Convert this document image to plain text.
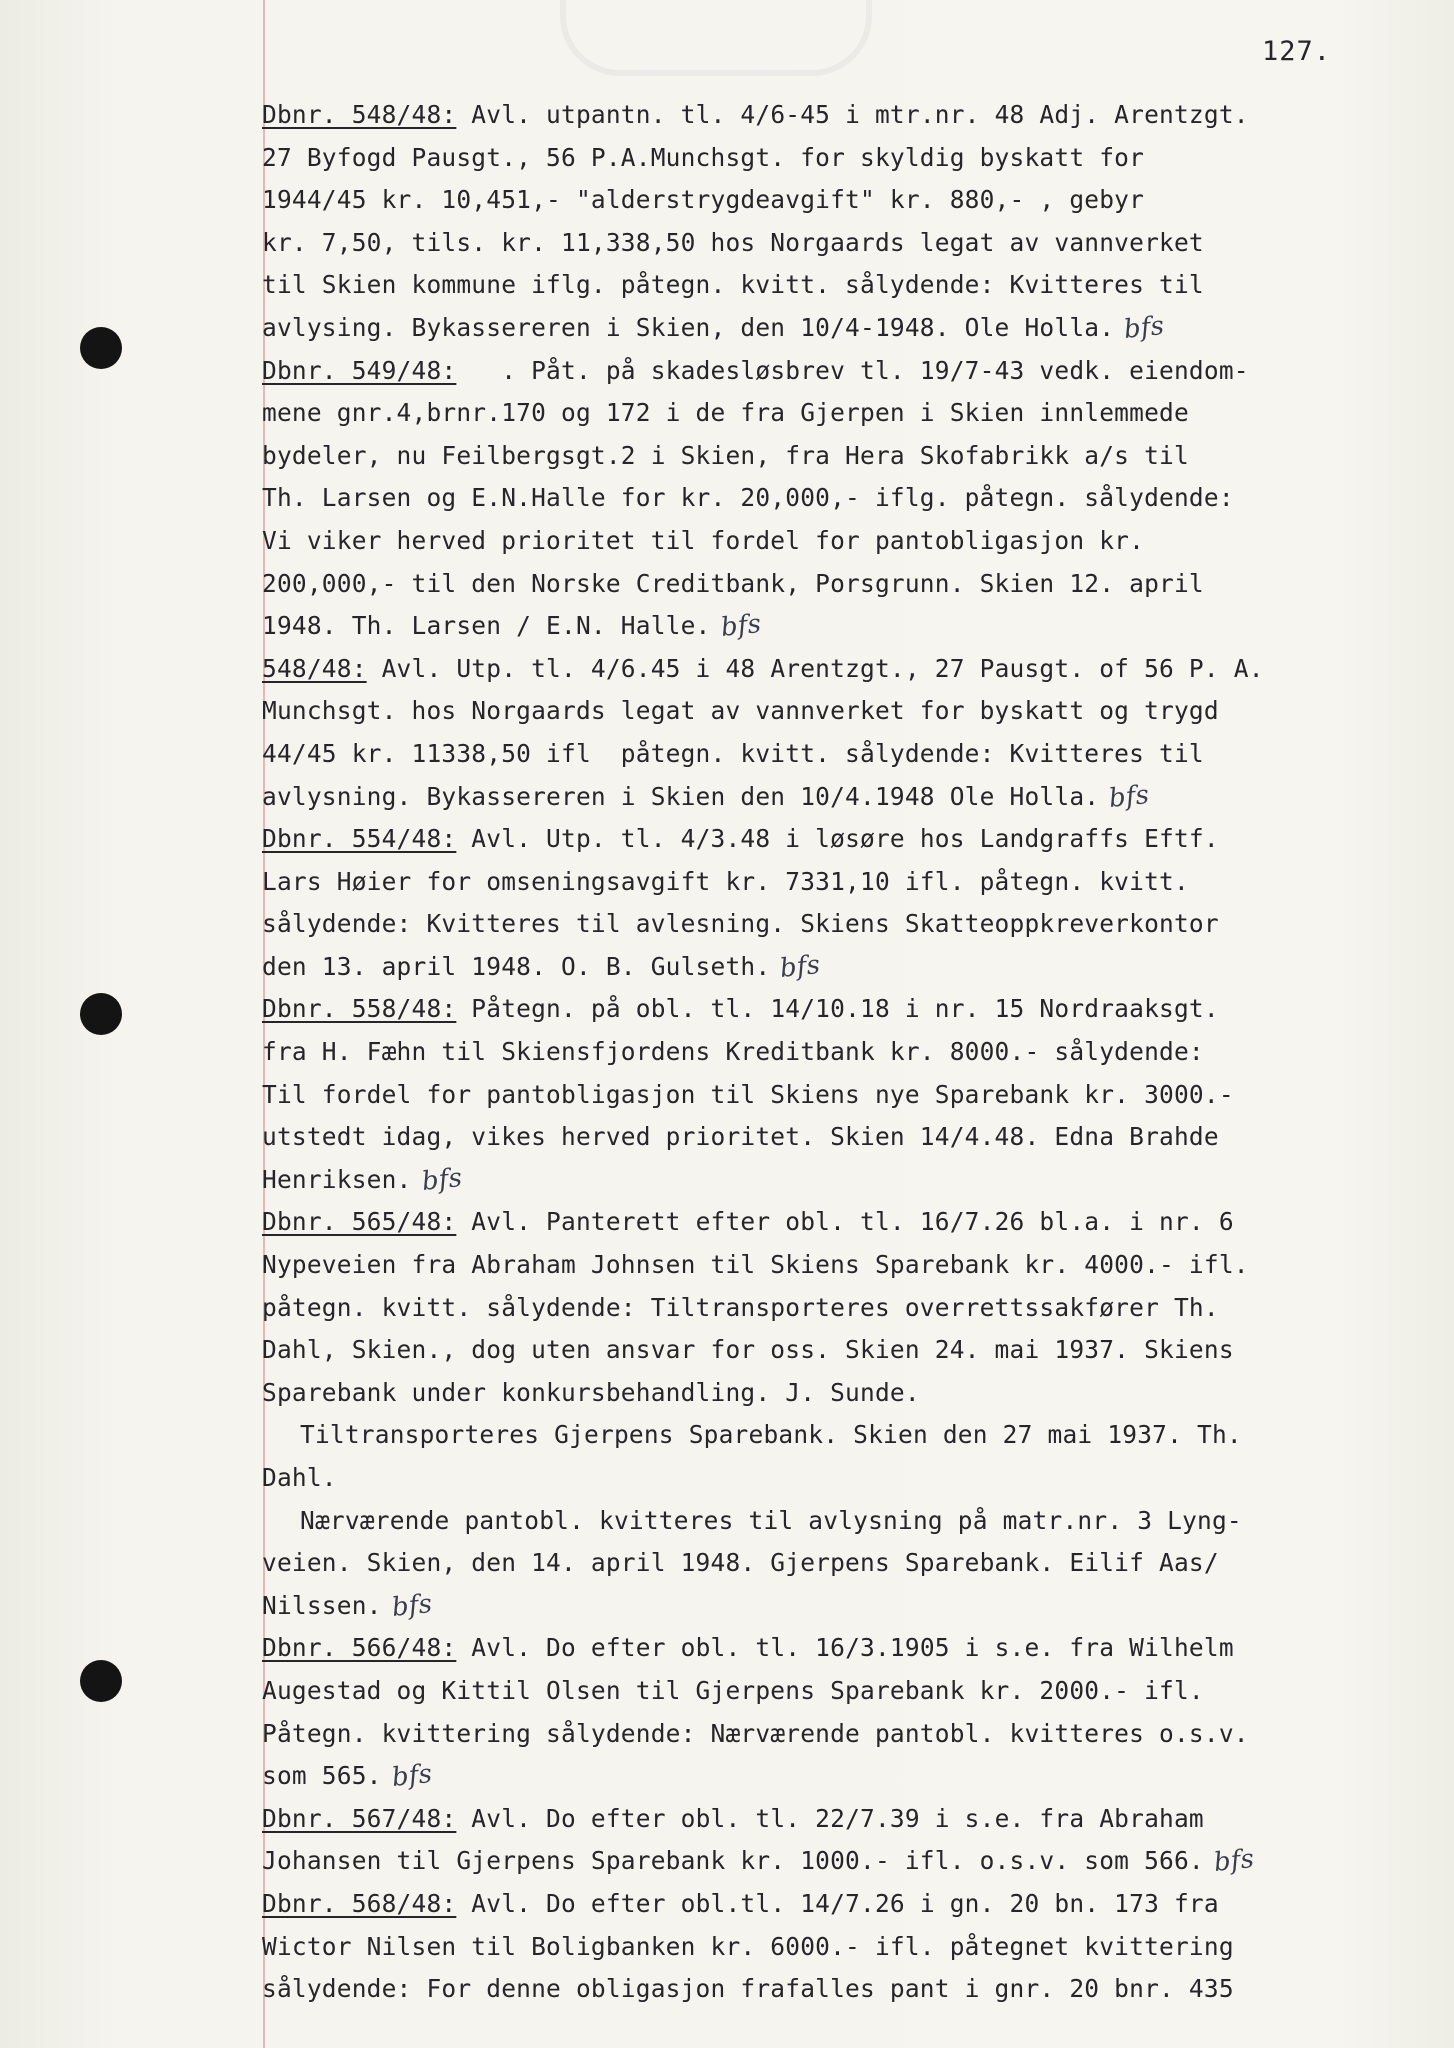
127.
Dbnr. 548/48: Avl. utpantn. tl. 4/6-45 i mtr.nr. 48 Adj. Arentzgt.
27 Byfogd Pausgt., 56 P.A.Munchsgt. for skyldig byskatt for
1944/45 kr. 10,451,- "alderstrygdeavgift" kr. 880,- , gebyr
kr. 7,50, tils. kr. 11,338,50 hos Norgaards legat av vannverket
til Skien kommune iflg. påtegn. kvitt. sålydende: Kvitteres til
avlysing. Bykassereren i Skien, den 10/4-1948. Ole Holla. bfs
Dbnr. 549/48:   . Påt. på skadesløsbrev tl. 19/7-43 vedk. eiendom-
mene gnr.4,brnr.170 og 172 i de fra Gjerpen i Skien innlemmede
bydeler, nu Feilbergsgt.2 i Skien, fra Hera Skofabrikk a/s til
Th. Larsen og E.N.Halle for kr. 20,000,- iflg. påtegn. sålydende:
Vi viker herved prioritet til fordel for pantobligasjon kr.
200,000,- til den Norske Creditbank, Porsgrunn. Skien 12. april
1948. Th. Larsen / E.N. Halle. bfs
548/48: Avl. Utp. tl. 4/6.45 i 48 Arentzgt., 27 Pausgt. of 56 P. A.
Munchsgt. hos Norgaards legat av vannverket for byskatt og trygd
44/45 kr. 11338,50 ifl  påtegn. kvitt. sålydende: Kvitteres til
avlysning. Bykassereren i Skien den 10/4.1948 Ole Holla. bfs
Dbnr. 554/48: Avl. Utp. tl. 4/3.48 i løsøre hos Landgraffs Eftf.
Lars Høier for omseningsavgift kr. 7331,10 ifl. påtegn. kvitt.
sålydende: Kvitteres til avlesning. Skiens Skatteoppkreverkontor
den 13. april 1948. O. B. Gulseth. bfs
Dbnr. 558/48: Påtegn. på obl. tl. 14/10.18 i nr. 15 Nordraaksgt.
fra H. Fæhn til Skiensfjordens Kreditbank kr. 8000.- sålydende:
Til fordel for pantobligasjon til Skiens nye Sparebank kr. 3000.-
utstedt idag, vikes herved prioritet. Skien 14/4.48. Edna Brahde
Henriksen. bfs
Dbnr. 565/48: Avl. Panterett efter obl. tl. 16/7.26 bl.a. i nr. 6
Nypeveien fra Abraham Johnsen til Skiens Sparebank kr. 4000.- ifl.
påtegn. kvitt. sålydende: Tiltransporteres overrettssakfører Th.
Dahl, Skien., dog uten ansvar for oss. Skien 24. mai 1937. Skiens
Sparebank under konkursbehandling. J. Sunde.
Tiltransporteres Gjerpens Sparebank. Skien den 27 mai 1937. Th.
Dahl.
Nærværende pantobl. kvitteres til avlysning på matr.nr. 3 Lyng-
veien. Skien, den 14. april 1948. Gjerpens Sparebank. Eilif Aas/
Nilssen. bfs
Dbnr. 566/48: Avl. Do efter obl. tl. 16/3.1905 i s.e. fra Wilhelm
Augestad og Kittil Olsen til Gjerpens Sparebank kr. 2000.- ifl.
Påtegn. kvittering sålydende: Nærværende pantobl. kvitteres o.s.v.
som 565. bfs
Dbnr. 567/48: Avl. Do efter obl. tl. 22/7.39 i s.e. fra Abraham
Johansen til Gjerpens Sparebank kr. 1000.- ifl. o.s.v. som 566. bfs
Dbnr. 568/48: Avl. Do efter obl.tl. 14/7.26 i gn. 20 bn. 173 fra
Wictor Nilsen til Boligbanken kr. 6000.- ifl. påtegnet kvittering
sålydende: For denne obligasjon frafalles pant i gnr. 20 bnr. 435
